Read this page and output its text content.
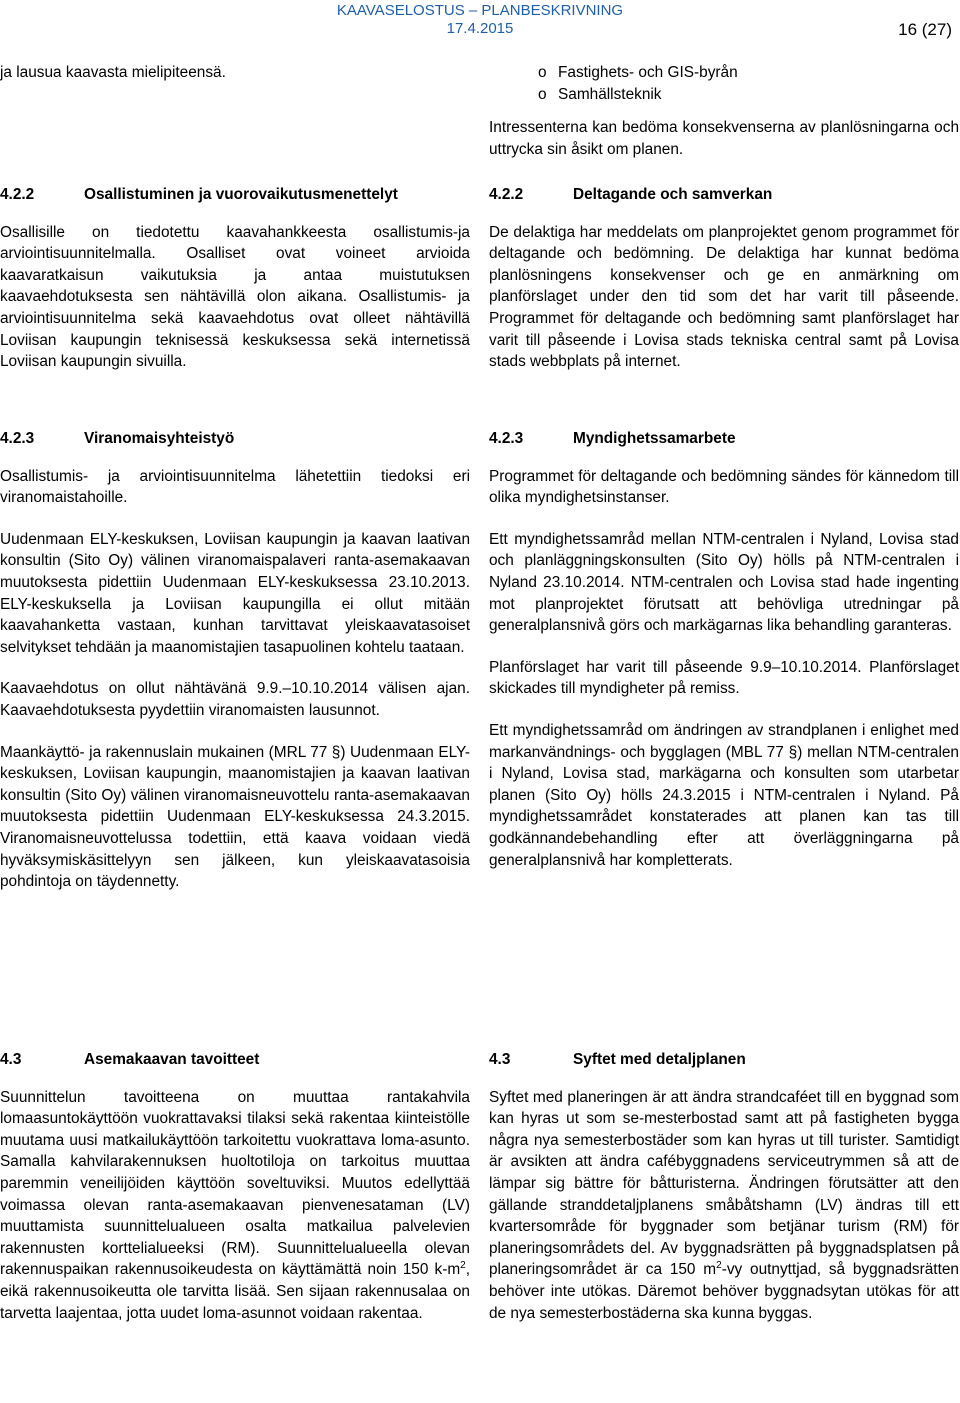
KAAVASELOSTUS – PLANBESKRIVNING
17.4.2015	16 (27)

ja lausua kaavasta mielipiteensä.

4.2.2	Osallistuminen ja vuorovaikutusmenettelyt

Osallisille on tiedotettu kaavahankkeesta osallistumis-ja arviointisuunnitelmalla. Osalliset ovat voineet arvioida kaavaratkaisun vaikutuksia ja antaa muistutuksen kaavaehdotuksesta sen nähtävillä olon aikana. Osallistumis- ja arviointisuunnitelma sekä kaavaehdotus ovat olleet nähtävillä Loviisan kaupungin teknisessä keskuksessa sekä internetissä Loviisan kaupungin sivuilla.

4.2.3	Viranomaisyhteistyö

Osallistumis- ja arviointisuunnitelma lähetettiin tiedoksi eri viranomaistahoille.

Uudenmaan ELY-keskuksen, Loviisan kaupungin ja kaavan laativan konsultin (Sito Oy) välinen viranomaispalaveri ranta-asemakaavan muutoksesta pidettiin Uudenmaan ELY-keskuksessa 23.10.2013. ELY-keskuksella ja Loviisan kaupungilla ei ollut mitään kaavahanketta vastaan, kunhan tarvittavat yleiskaavatasoiset selvitykset tehdään ja maanomistajien tasapuolinen kohtelu taataan.

Kaavaehdotus on ollut nähtävänä 9.9.–10.10.2014 välisen ajan. Kaavaehdotuksesta pyydettiin viranomaisten lausunnot.

Maankäyttö- ja rakennuslain mukainen (MRL 77 §) Uudenmaan ELY-keskuksen, Loviisan kaupungin, maanomistajien ja kaavan laativan konsultin (Sito Oy) välinen viranomaisneuvottelu ranta-asemakaavan muutoksesta pidettiin Uudenmaan ELY-keskuksessa 24.3.2015. Viranomaisneuvottelussa todettiin, että kaava voidaan viedä hyväksymiskäsittelyyn sen jälkeen, kun yleiskaavatasoisia pohdintoja on täydennetty.

4.3	Asemakaavan tavoitteet

Suunnittelun tavoitteena on muuttaa rantakahvila lomaasuntokäyttöön vuokrattavaksi tilaksi sekä rakentaa kiinteistölle muutama uusi matkailukäyttöön tarkoitettu vuokrattava loma-asunto. Samalla kahvilarakennuksen huoltotiloja on tarkoitus muuttaa paremmin veneilijöiden käyttöön soveltuviksi. Muutos edellyttää voimassa olevan ranta-asemakaavan pienvenesataman (LV) muuttamista suunnittelualueen osalta matkailua palvelevien rakennusten korttelialueeksi (RM). Suunnittelualueella olevan rakennuspaikan rakennusoikeudesta on käyttämättä noin 150 $k-m^2$, eikä rakennusoikeutta ole tarvitta lisää. Sen sijaan rakennusalaa on tarvetta laajentaa, jotta uudet loma-asunnot voidaan rakentaa.

o Fastighets- och GIS-byrån
o Samhällsteknik

Intressenterna kan bedöma konsekvenserna av planlösningarna och uttrycka sin åsikt om planen.

4.2.2	Deltagande och samverkan

De delaktiga har meddelats om planprojektet genom programmet för deltagande och bedömning. De delaktiga har kunnat bedöma planlösningens konsekvenser och ge en anmärkning om planförslaget under den tid som det har varit till påseende. Programmet för deltagande och bedömning samt planförslaget har varit till påseende i Lovisa stads tekniska central samt på Lovisa stads webbplats på internet.

4.2.3	Myndighetssamarbete

Programmet för deltagande och bedömning sändes för kännedom till olika myndighetsinstanser.

Ett myndighetssamråd mellan NTM-centralen i Nyland, Lovisa stad och planläggningskonsulten (Sito Oy) hölls på NTM-centralen i Nyland 23.10.2014. NTM-centralen och Lovisa stad hade ingenting mot planprojektet förutsatt att behövliga utredningar på generalplansnivå görs och markägarnas lika behandling garanteras.

Planförslaget har varit till påseende 9.9–10.10.2014. Planförslaget skickades till myndigheter på remiss.

Ett myndighetssamråd om ändringen av strandplanen i enlighet med markanvändnings- och bygglagen (MBL 77 §) mellan NTM-centralen i Nyland, Lovisa stad, markägarna och konsulten som utarbetar planen (Sito Oy) hölls 24.3.2015 i NTM-centralen i Nyland. På myndighetssamrådet konstaterades att planen kan tas till godkännandebehandling efter att överläggningarna på generalplansnivå har kompletterats.

4.3	Syftet med detaljplanen

Syftet med planeringen är att ändra strandcaféet till en byggnad som kan hyras ut som se-mesterbostad samt att på fastigheten bygga några nya semesterbostäder som kan hyras ut till turister. Samtidigt är avsikten att ändra cafébyggnadens serviceutrymmen så att de lämpar sig bättre för båtturisterna. Ändringen förutsätter att den gällande stranddetaljplanens småbåtshamn (LV) ändras till ett kvartersområde för byggnader som betjänar turism (RM) för planeringsområdets del. Av byggnadsrätten på byggnadsplatsen på planeringsområdet är ca 150 $m^2-vy$ outnyttjad, så byggnadsrätten behöver inte utökas. Däremot behöver byggnadsytan utökas för att de nya semesterbostäderna ska kunna byggas.
